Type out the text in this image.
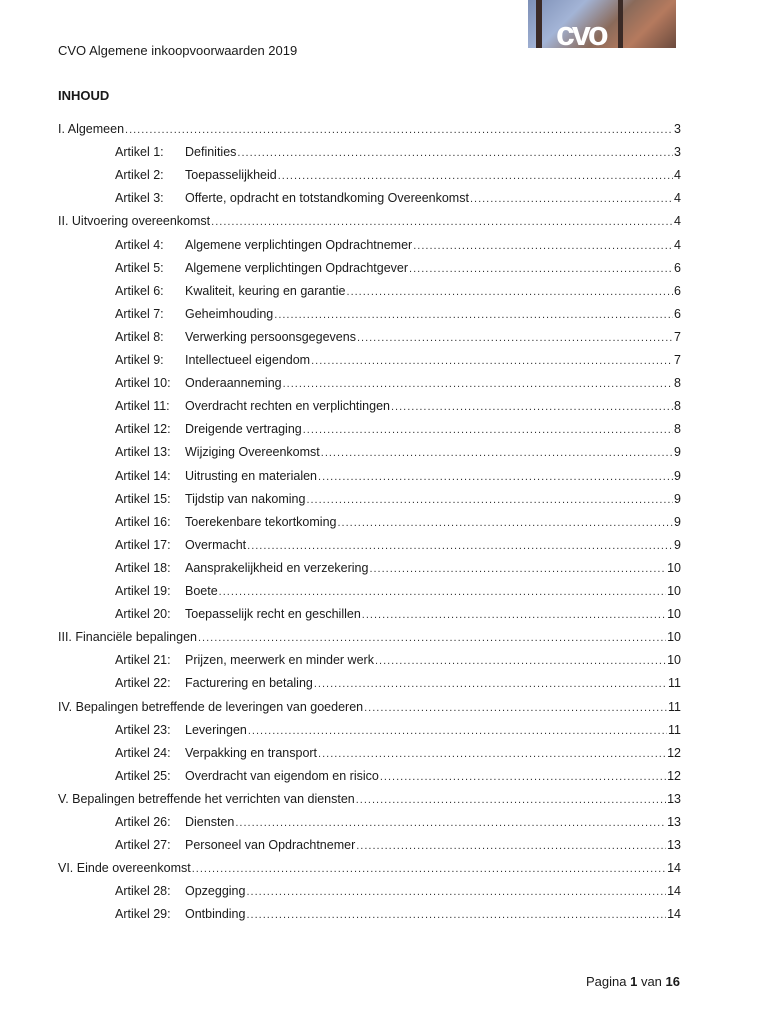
cvo
CVO Algemene inkoopvoorwaarden 2019
INHOUD
I. Algemeen .....	3
Artikel 1:	Definities .....	3
Artikel 2:	Toepasselijkheid .....	4
Artikel 3:	Offerte, opdracht en totstandkoming Overeenkomst .....	4
II. Uitvoering overeenkomst .....	4
Artikel 4:	Algemene verplichtingen Opdrachtnemer .....	4
Artikel 5:	Algemene verplichtingen Opdrachtgever .....	6
Artikel 6:	Kwaliteit, keuring en garantie .....	6
Artikel 7:	Geheimhouding .....	6
Artikel 8:	Verwerking persoonsgegevens .....	7
Artikel 9:	Intellectueel eigendom .....	7
Artikel 10:	Onderaanneming .....	8
Artikel 11:	Overdracht rechten en verplichtingen .....	8
Artikel 12:	Dreigende vertraging .....	8
Artikel 13:	Wijziging Overeenkomst .....	9
Artikel 14:	Uitrusting en materialen .....	9
Artikel 15:	Tijdstip van nakoming .....	9
Artikel 16:	Toerekenbare tekortkoming .....	9
Artikel 17:	Overmacht .....	9
Artikel 18:	Aansprakelijkheid en verzekering .....	10
Artikel 19:	Boete .....	10
Artikel 20:	Toepasselijk recht en geschillen .....	10
III. Financiële bepalingen .....	10
Artikel 21:	Prijzen, meerwerk en minder werk .....	10
Artikel 22:	Facturering en betaling .....	11
IV. Bepalingen betreffende de leveringen van goederen .....	11
Artikel 23:	Leveringen .....	11
Artikel 24:	Verpakking en transport .....	12
Artikel 25:	Overdracht van eigendom en risico .....	12
V. Bepalingen betreffende het verrichten van diensten .....	13
Artikel 26:	Diensten .....	13
Artikel 27:	Personeel van Opdrachtnemer .....	13
VI. Einde overeenkomst .....	14
Artikel 28:	Opzegging .....	14
Artikel 29:	Ontbinding .....	14
Pagina 1 van 16
